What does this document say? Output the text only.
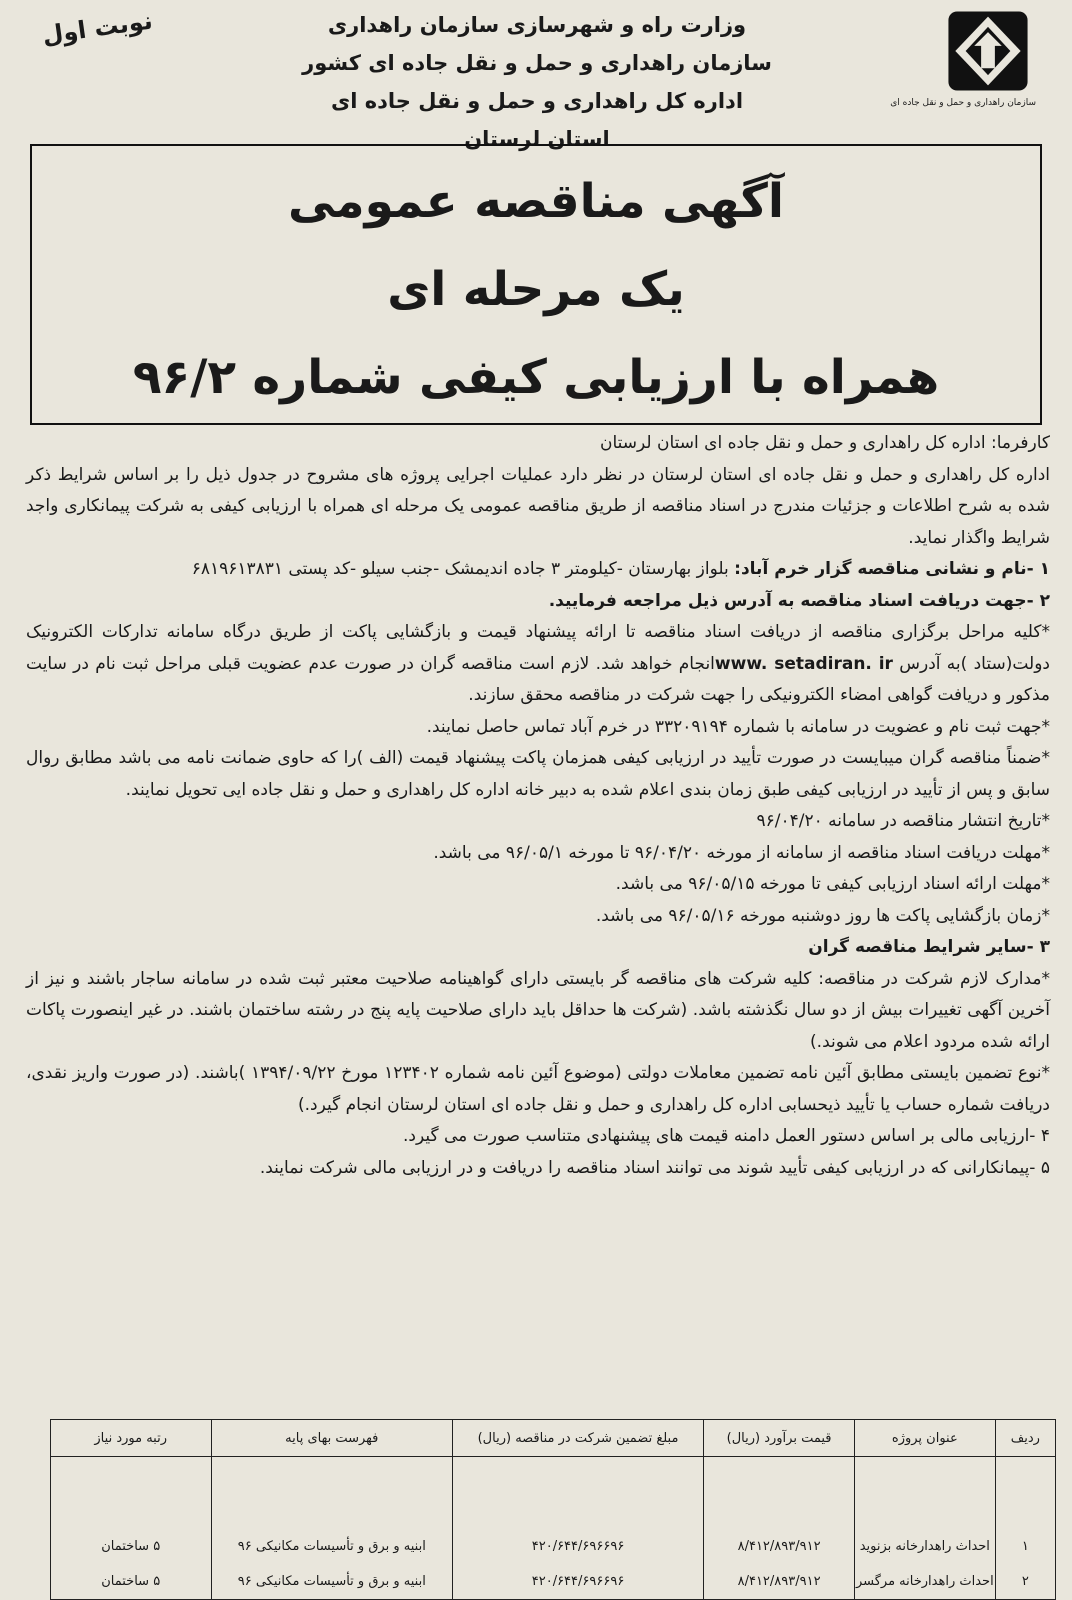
سازمان راهداری و حمل و نقل جاده ای
وزارت راه و شهرسازی سازمان راهداری
سازمان راهداری و حمل و نقل جاده ای کشور
اداره کل راهداری و حمل و نقل جاده ای استان لرستان
نوبت اول
آگهی مناقصه عمومی
یک مرحله ای
همراه با ارزیابی کیفی شماره ۹۶/۲

کارفرما: اداره کل راهداری و حمل و نقل جاده ای استان لرستان

اداره کل راهداری و حمل و نقل جاده ای استان لرستان در نظر دارد عملیات اجرایی پروژه های مشروح در جدول ذیل را بر اساس شرایط ذکر شده به شرح اطلاعات و جزئیات مندرج در اسناد مناقصه از طریق مناقصه عمومی یک مرحله ای همراه با ارزیابی کیفی به شرکت پیمانکاری واجد شرایط واگذار نماید.

۱ -نام و نشانی مناقصه گزار خرم آباد: بلواز بهارستان -کیلومتر ۳ جاده اندیمشک -جنب سیلو -کد پستی ۶۸۱۹۶۱۳۸۳۱

۲ -جهت دریافت اسناد مناقصه به آدرس ذیل مراجعه فرمایید.

*کلیه مراحل برگزاری مناقصه از دریافت اسناد مناقصه تا ارائه پیشنهاد قیمت و بازگشایی پاکت از طریق درگاه سامانه تدارکات الکترونیک دولت(ستاد )به آدرس www. setadiran. irانجام خواهد شد. لازم است مناقصه گران در صورت عدم عضویت قبلی مراحل ثبت نام در سایت مذکور و دریافت گواهی امضاء الکترونیکی را جهت شرکت در مناقصه محقق سازند.

*جهت ثبت نام و عضویت در سامانه با شماره ۳۳۲۰۹۱۹۴ در خرم آباد تماس حاصل نمایند.

*ضمناً مناقصه گران میبایست در صورت تأیید در ارزیابی کیفی همزمان پاکت پیشنهاد قیمت (الف )را که حاوی ضمانت نامه می باشد مطابق روال سابق و پس از تأیید در ارزیابی کیفی طبق زمان بندی اعلام شده به دبیر خانه اداره کل راهداری و حمل و نقل جاده ایی تحویل نمایند.

*تاریخ انتشار مناقصه در سامانه ۹۶/۰۴/۲۰

*مهلت دریافت اسناد مناقصه از سامانه از مورخه ۹۶/۰۴/۲۰ تا مورخه ۹۶/۰۵/۱ می باشد.

*مهلت ارائه اسناد ارزیابی کیفی تا مورخه ۹۶/۰۵/۱۵ می باشد.

*زمان بازگشایی پاکت ها روز دوشنبه مورخه ۹۶/۰۵/۱۶ می باشد.

۳ -سایر شرایط مناقصه گران

*مدارک لازم شرکت در مناقصه: کلیه شرکت های مناقصه گر بایستی دارای گواهینامه صلاحیت معتبر ثبت شده در سامانه ساجار باشند و نیز از آخرین آگهی تغییرات بیش از دو سال نگذشته باشد. (شرکت ها حداقل باید دارای صلاحیت پایه پنج در رشته ساختمان باشند. در غیر اینصورت پاکات ارائه شده مردود اعلام می شوند.)

*نوع تضمین بایستی مطابق آئین نامه تضمین معاملات دولتی (موضوع آئین نامه شماره ۱۲۳۴۰۲ مورخ ۱۳۹۴/۰۹/۲۲ )باشند. (در صورت واریز نقدی، دریافت شماره حساب یا تأیید ذیحسابی اداره کل راهداری و حمل و نقل جاده ای استان لرستان انجام گیرد.)

۴ -ارزیابی مالی بر اساس دستور العمل دامنه قیمت های پیشنهادی متناسب صورت می گیرد.

۵ -پیمانکارانی که در ارزیابی کیفی تأیید شوند می توانند اسناد مناقصه را دریافت و در ارزیابی مالی شرکت نمایند.

ردیف	عنوان پروژه	قیمت برآورد (ریال)	مبلغ تضمین شرکت در مناقصه (ریال)	فهرست بهای پایه	رتبه مورد نیاز

۱	احداث راهدارخانه بزنوید	۸/۴۱۲/۸۹۳/۹۱۲	۴۲۰/۶۴۴/۶۹۶۶۹۶	ابنیه و برق و تأسیسات مکانیکی ۹۶	۵ ساختمان
۲	احداث راهدارخانه مرگسر	۸/۴۱۲/۸۹۳/۹۱۲	۴۲۰/۶۴۴/۶۹۶۶۹۶	ابنیه و برق و تأسیسات مکانیکی ۹۶	۵ ساختمان
